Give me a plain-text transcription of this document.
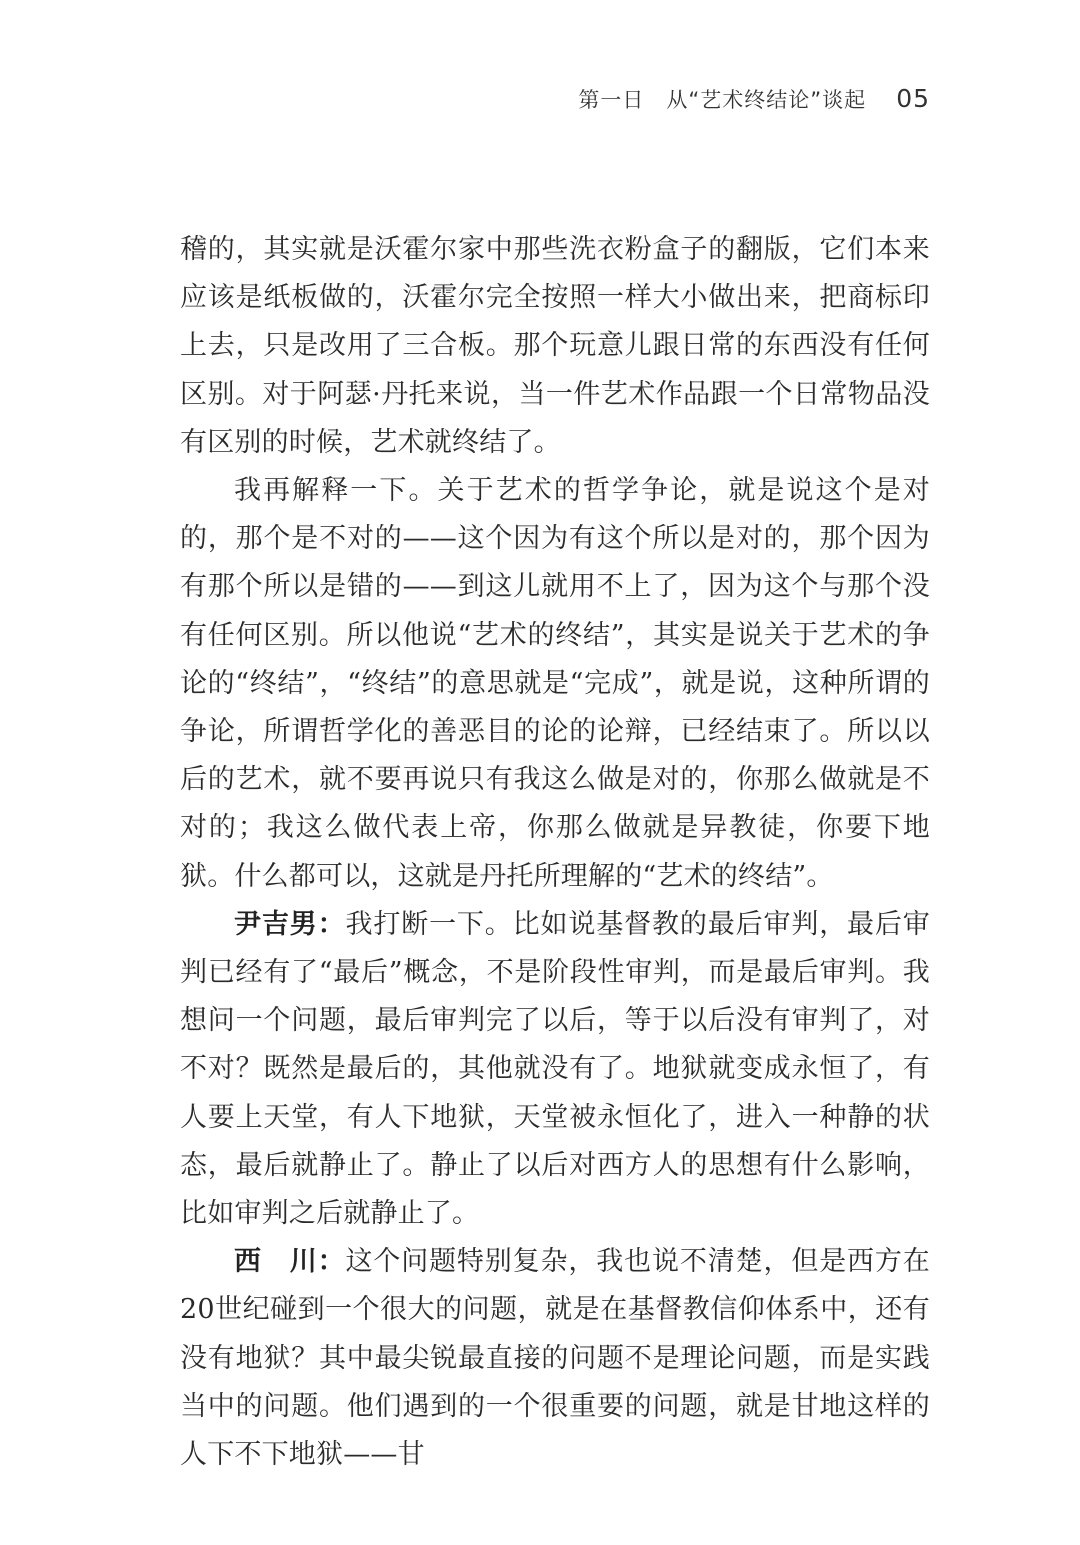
第一日　从“艺术终结论”谈起 05

稽的，其实就是沃霍尔家中那些洗衣粉盒子的翻版，它们本来应该是纸板做的，沃霍尔完全按照一样大小做出来，把商标印上去，只是改用了三合板。那个玩意儿跟日常的东西没有任何区别。对于阿瑟·丹托来说，当一件艺术作品跟一个日常物品没有区别的时候，艺术就终结了。

我再解释一下。关于艺术的哲学争论，就是说这个是对的，那个是不对的——这个因为有这个所以是对的，那个因为有那个所以是错的——到这儿就用不上了，因为这个与那个没有任何区别。所以他说“艺术的终结”，其实是说关于艺术的争论的“终结”，“终结”的意思就是“完成”，就是说，这种所谓的争论，所谓哲学化的善恶目的论的论辩，已经结束了。所以以后的艺术，就不要再说只有我这么做是对的，你那么做就是不对的；我这么做代表上帝，你那么做就是异教徒，你要下地狱。什么都可以，这就是丹托所理解的“艺术的终结”。

尹吉男：我打断一下。比如说基督教的最后审判，最后审判已经有了“最后”概念，不是阶段性审判，而是最后审判。我想问一个问题，最后审判完了以后，等于以后没有审判了，对不对？既然是最后的，其他就没有了。地狱就变成永恒了，有人要上天堂，有人下地狱，天堂被永恒化了，进入一种静的状态，最后就静止了。静止了以后对西方人的思想有什么影响，比如审判之后就静止了。

西　川：这个问题特别复杂，我也说不清楚，但是西方在20世纪碰到一个很大的问题，就是在基督教信仰体系中，还有没有地狱？其中最尖锐最直接的问题不是理论问题，而是实践当中的问题。他们遇到的一个很重要的问题，就是甘地这样的人下不下地狱——甘
